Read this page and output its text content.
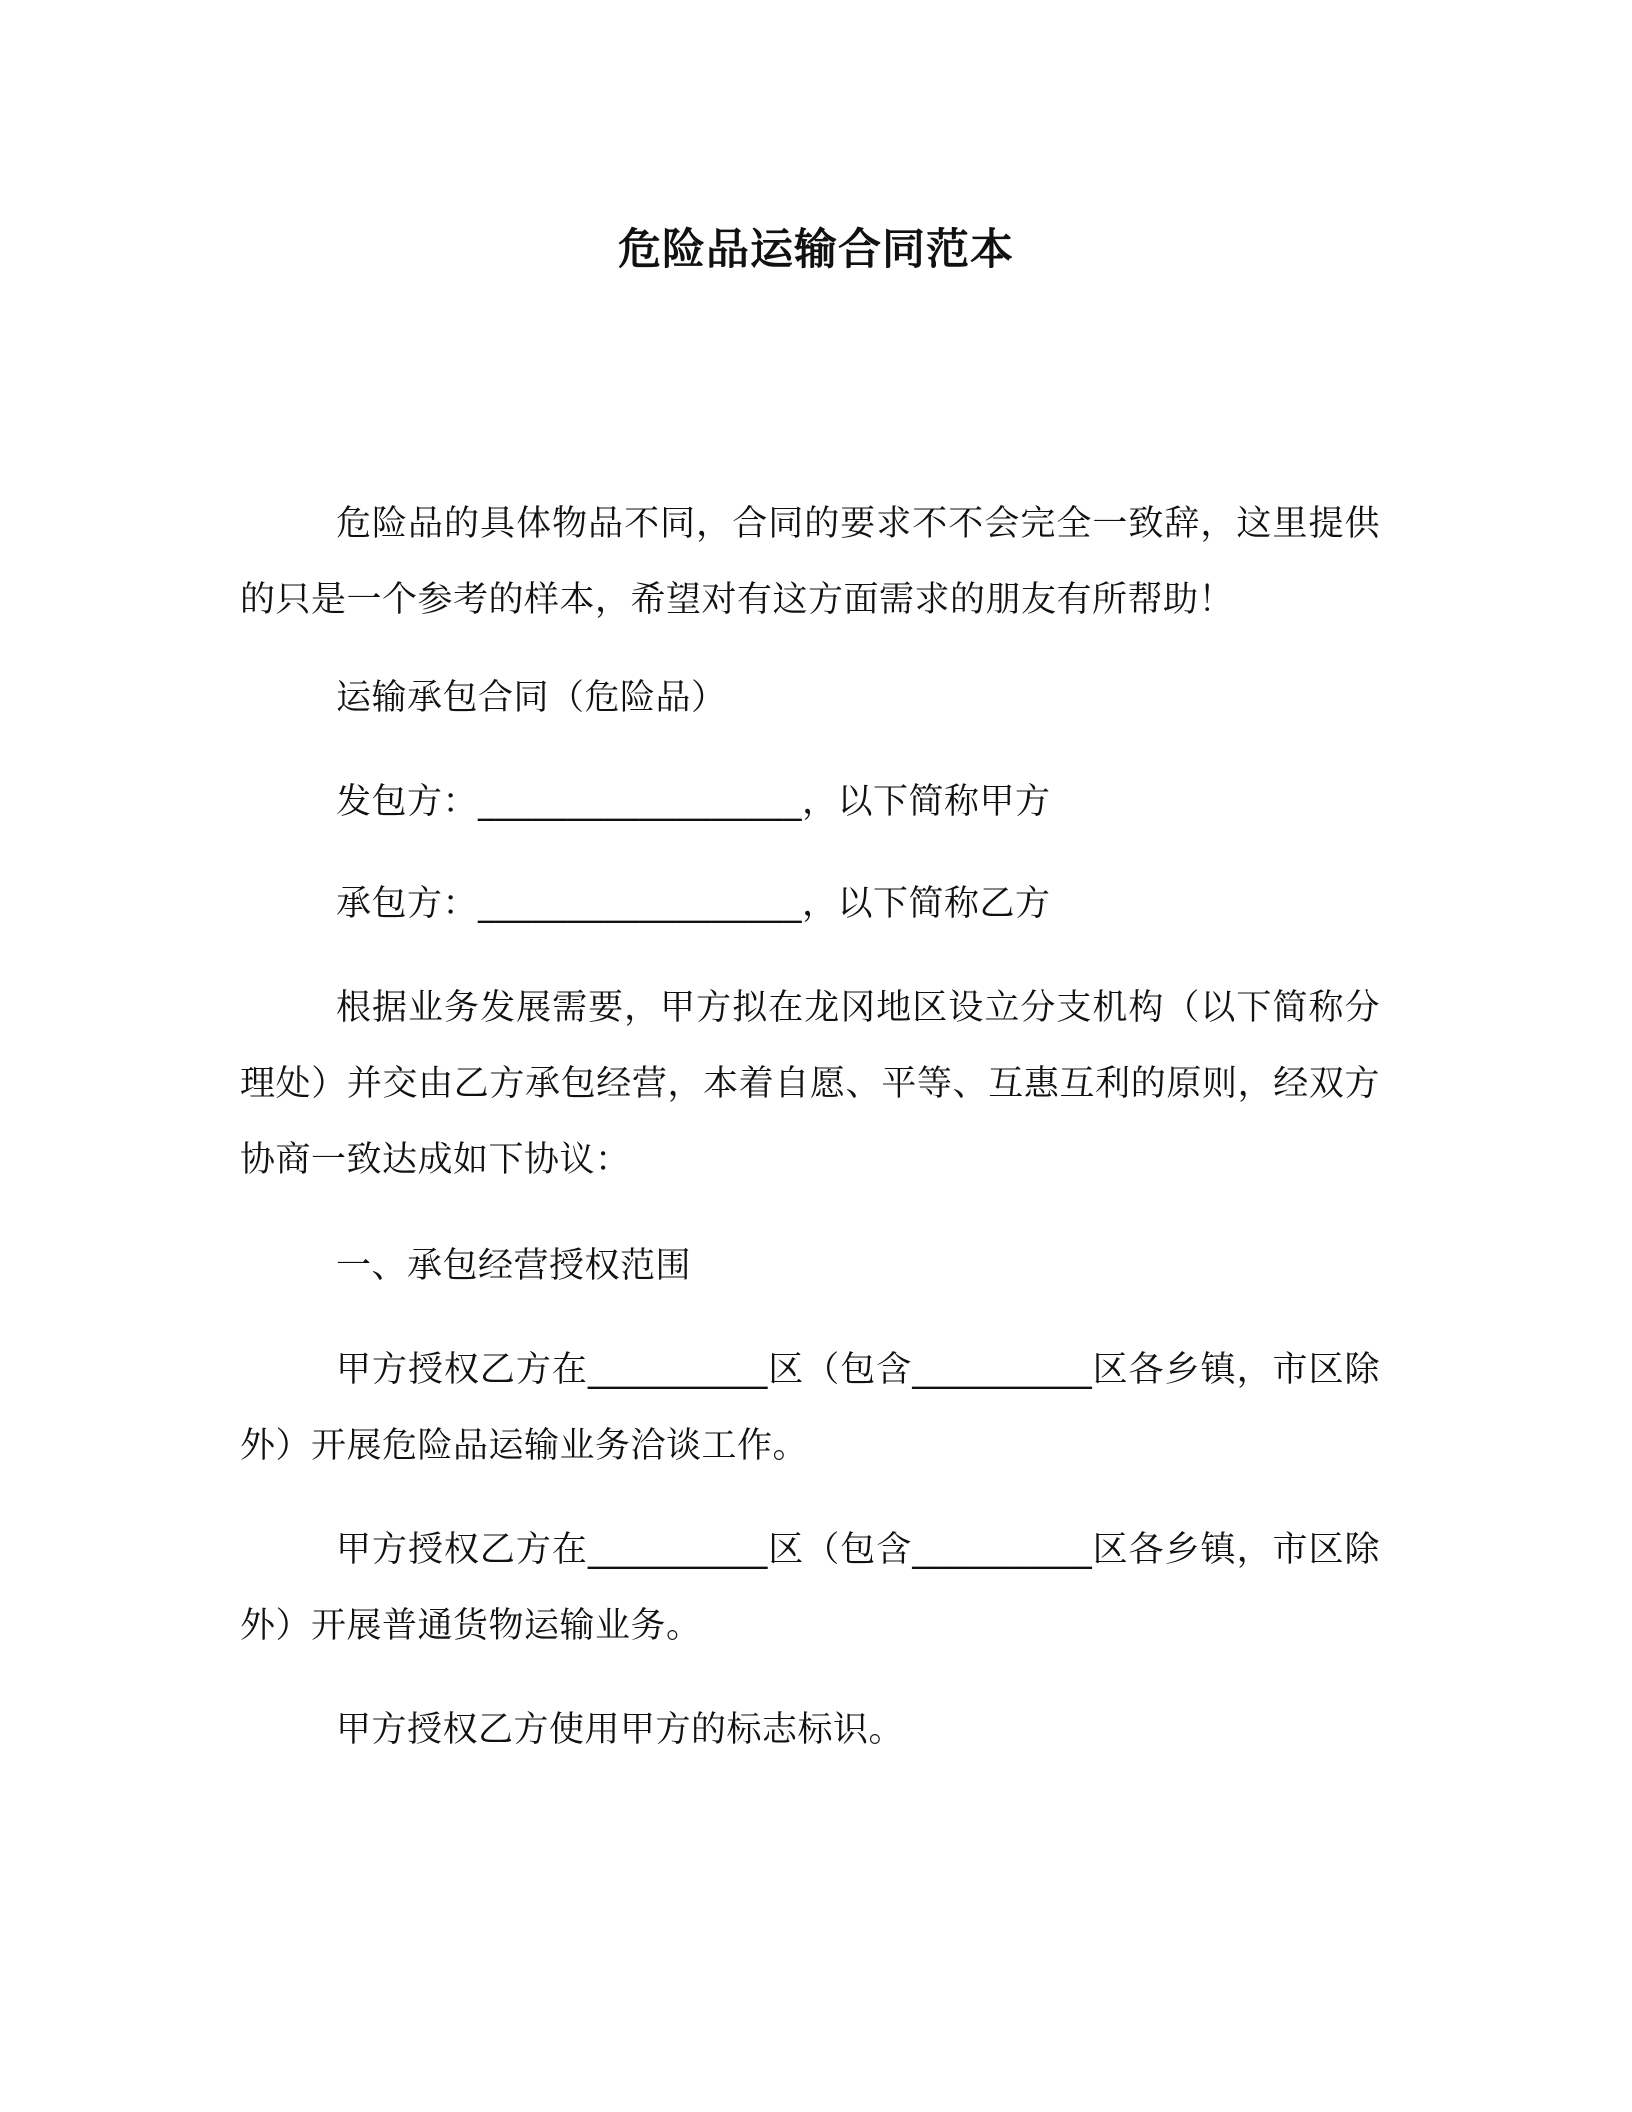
危险品运输合同范本

危险品的具体物品不同，合同的要求不不会完全一致辞，这里提供的只是一个参考的样本，希望对有这方面需求的朋友有所帮助！

运输承包合同（危险品）

发包方：__________________，以下简称甲方

承包方：__________________，以下简称乙方

根据业务发展需要，甲方拟在龙冈地区设立分支机构（以下简称分理处）并交由乙方承包经营，本着自愿、平等、互惠互利的原则，经双方协商一致达成如下协议：

一、承包经营授权范围

甲方授权乙方在__________区（包含__________区各乡镇，市区除外）开展危险品运输业务洽谈工作。

甲方授权乙方在__________区（包含__________区各乡镇，市区除外）开展普通货物运输业务。

甲方授权乙方使用甲方的标志标识。
